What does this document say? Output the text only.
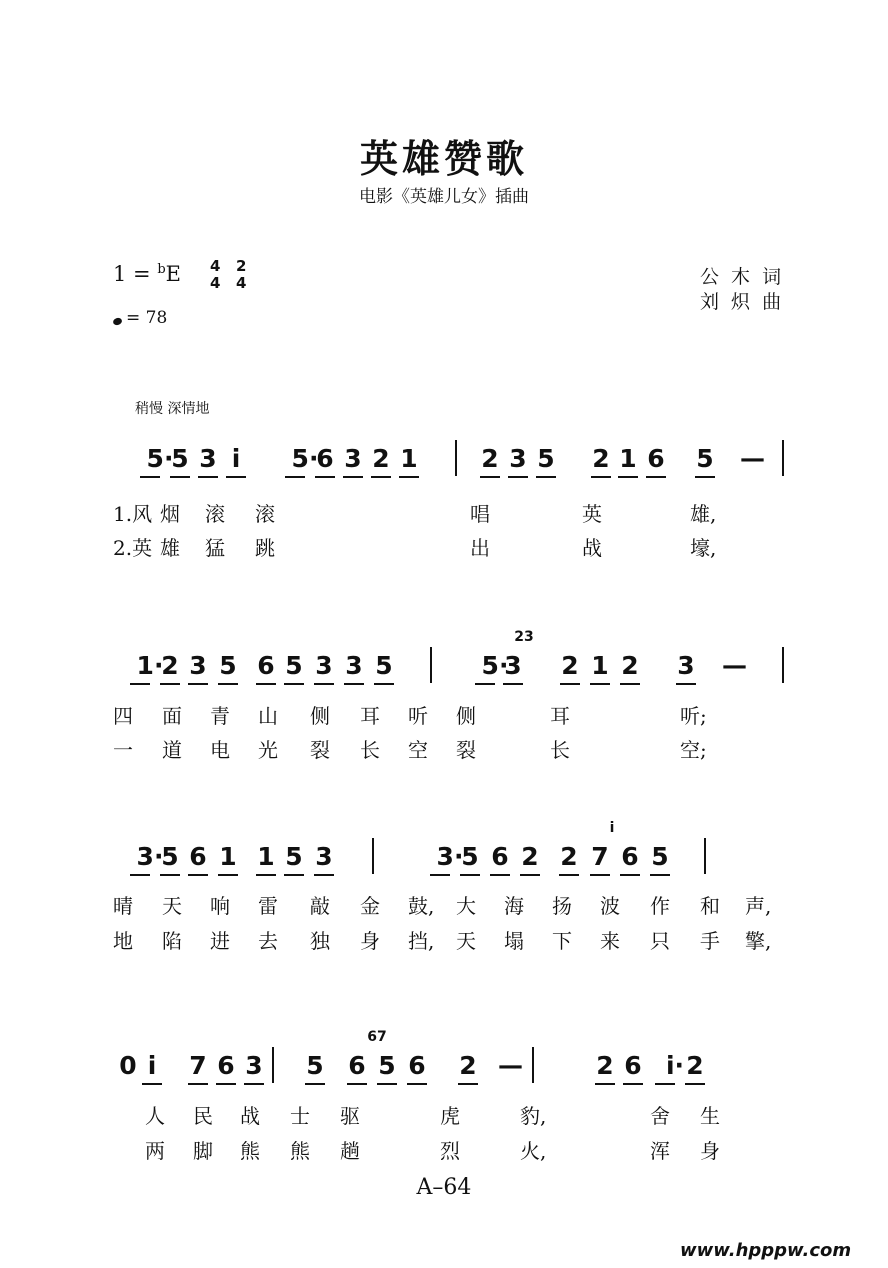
英雄赞歌
电影《英雄儿女》插曲
1 = $^b$E 4
4
2
4	公 木 词
刘 炽 曲
= 78
稍慢 深情地
5·
5 3 i 5·
6 3 2 1	2 3 5 2 1 6 5 —
1.风 烟 滚 滚	唱	英	雄,
2.英 雄 猛 跳	出	战	壕,
1·
2 3 5 6 5 3 3 5	5·
3 2 1 2 3 —
23
四 面 青 山 侧 耳 听 侧	耳	听;
一 道 电 光 裂 长 空 裂	长	空;
3·
5 6 1 1 5 3	3·
5 6 2 2 7 6 5
i
晴 天 响 雷 敲 金 鼓, 大 海 扬 波 作 和 声,
地 陷 进 去 独 身 挡, 天 塌 下 来 只 手 擎,
0 i 7 6 3 5 6 5 6 2 —	2 6 i· 2
67
人 民 战 士 驱	虎	豹,	舍 生
两 脚 熊 熊 趟	烈	火,	浑 身
A–64
www.hpppw.com
